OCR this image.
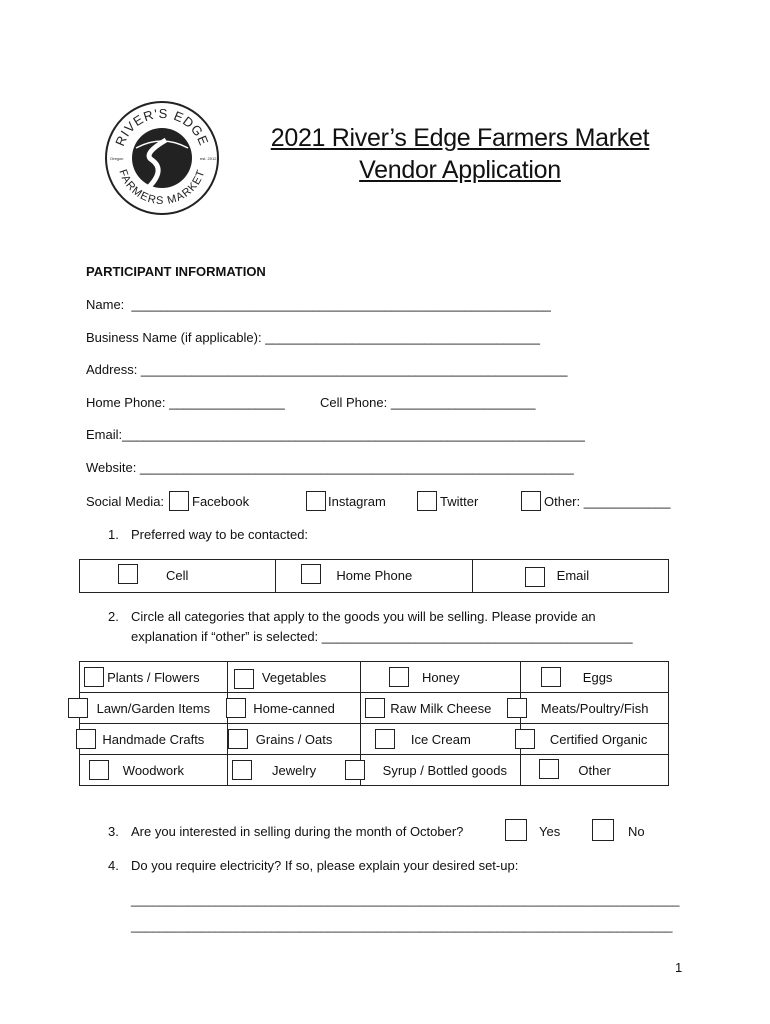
RIVER'S EDGE
FARMERS MARKET
Oregon	est. 2012
2021 River’s Edge Farmers Market
Vendor Application
PARTICIPANT INFORMATION
Name:  __________________________________________________________
Business Name (if applicable): ______________________________________
Address: ___________________________________________________________
Home Phone: ________________	Cell Phone: ____________________
Email:________________________________________________________________
Website: ____________________________________________________________
Social Media: Facebook	Instagram	Twitter	Other: ____________
1. Preferred way to be contacted:
Cell	Home Phone	Email
2. Circle all categories that apply to the goods you will be selling. Please provide an
explanation if “other” is selected: ___________________________________________
Plants / Flowers	Vegetables	Honey	Eggs

Lawn/Garden Items	Home-canned	Raw Milk Cheese	Meats/Poultry/Fish

Handmade Crafts	Grains / Oats	Ice Cream	Certified Organic

Woodwork	Jewelry	Syrup / Bottled goods	Other
3. Are you interested in selling during the month of October?	Yes	No
4. Do you require electricity? If so, please explain your desired set-up:
______________________________________________________________________________
_____________________________________________________________________________
1
